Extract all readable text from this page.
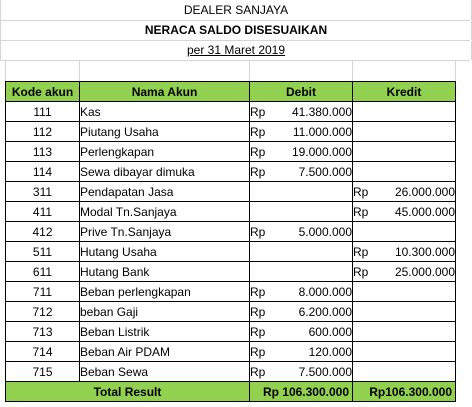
DEALER SANJAYA
NERACA SALDO DISESUAIKAN
per 31 Maret 2019
Kode akun	Nama Akun	Debit	Kredit
111	Kas	Rp 41.380.000	

112	Piutang Usaha	Rp 11.000.000	

113	Perlengkapan	Rp 19.000.000	

114	Sewa dibayar dimuka	Rp 7.500.000	

311	Pendapatan Jasa		Rp 26.000.000

411	Modal Tn.Sanjaya		Rp 45.000.000

412	Prive Tn.Sanjaya	Rp 5.000.000	

511	Hutang Usaha		Rp 10.300.000

611	Hutang Bank		Rp 25.000.000

711	Beban perlengkapan	Rp 8.000.000	

712	beban Gaji	Rp 6.200.000	

713	Beban Listrik	Rp 600.000	

714	Beban Air PDAM	Rp 120.000	

715	Beban Sewa	Rp 7.500.000	

Total Result		Rp 106.300.000	Rp106.300.000
